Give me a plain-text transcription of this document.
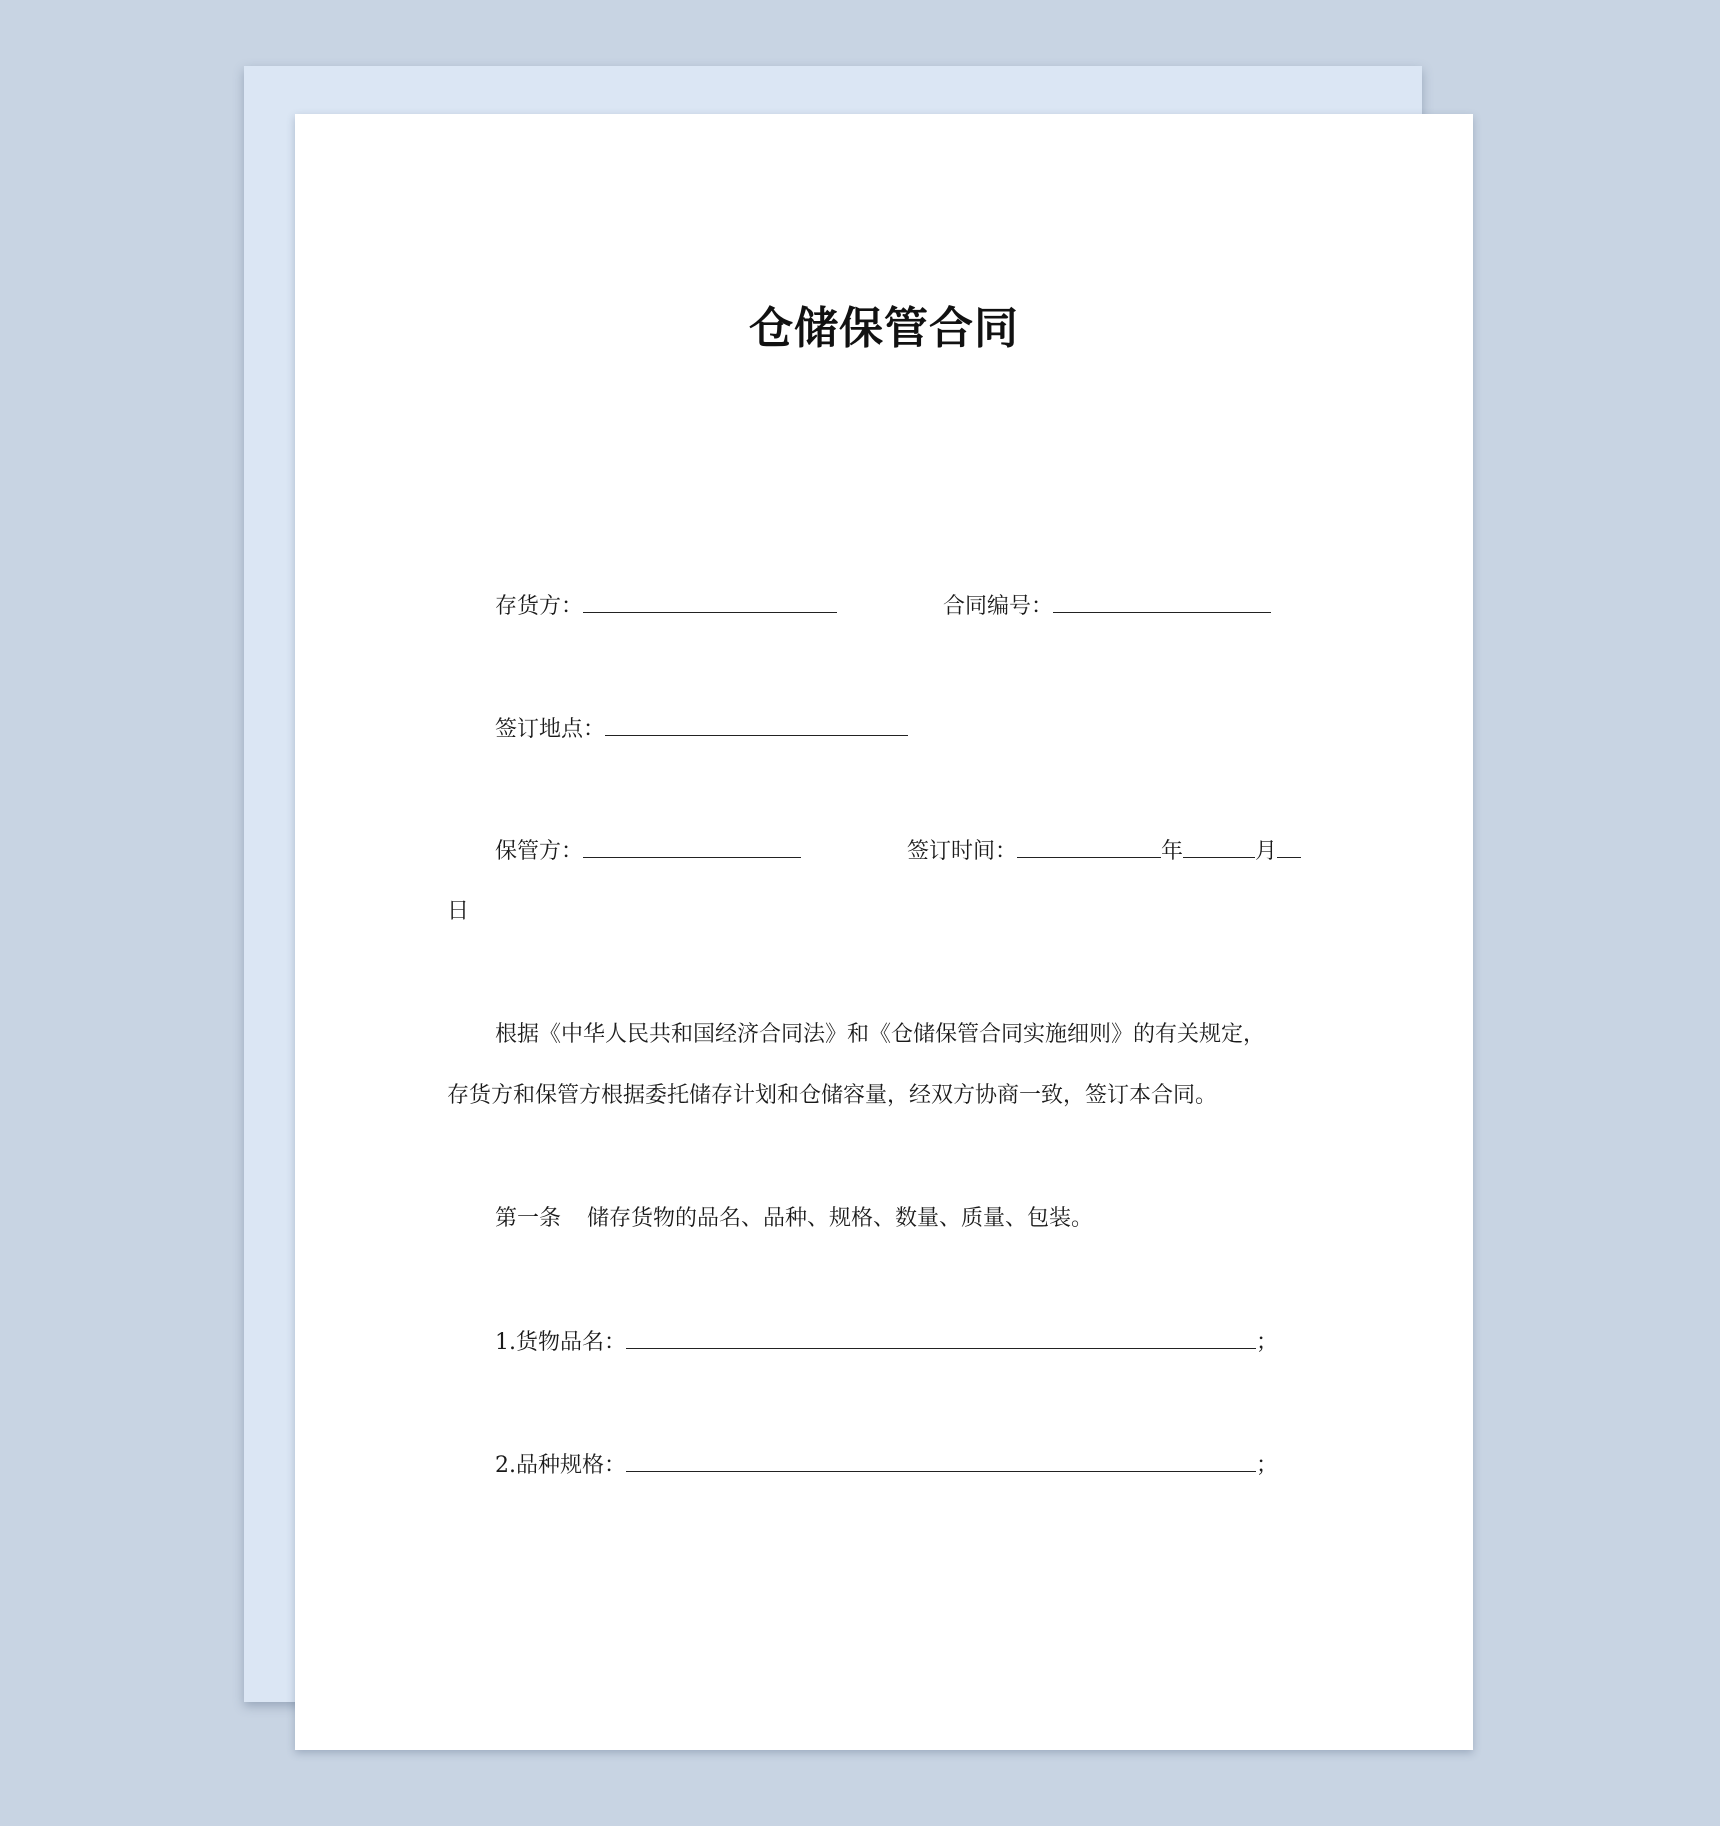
仓储保管合同
存货方：	合同编号：
签订地点：
保管方：	签订时间：	年	月
日
根据《中华人民共和国经济合同法》和《仓储保管合同实施细则》的有关规定，
存货方和保管方根据委托储存计划和仓储容量，经双方协商一致，签订本合同。
第一条 储存货物的品名、品种、规格、数量、质量、包装。
1.货物品名：	；
2.品种规格：	；
